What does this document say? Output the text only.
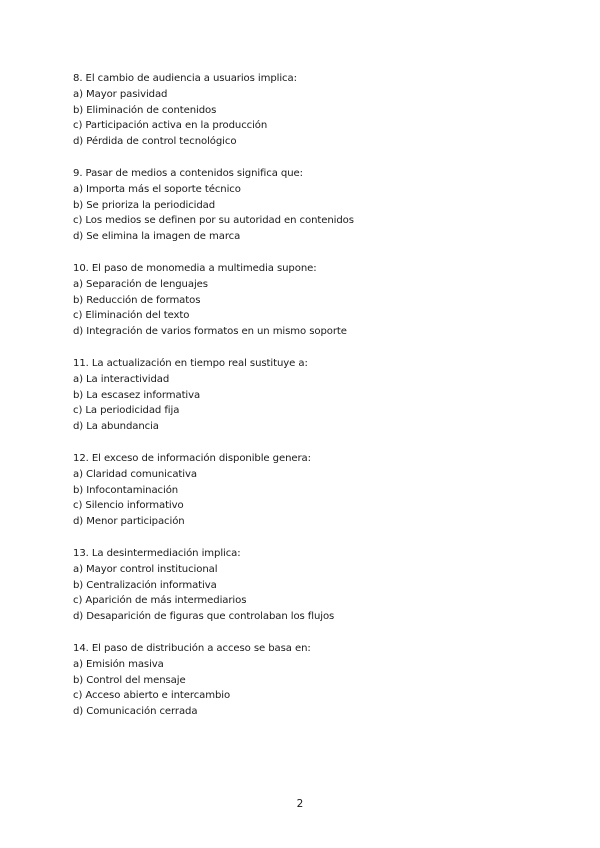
8. El cambio de audiencia a usuarios implica:
a) Mayor pasividad
b) Eliminación de contenidos
c) Participación activa en la producción
d) Pérdida de control tecnológico
9. Pasar de medios a contenidos significa que:
a) Importa más el soporte técnico
b) Se prioriza la periodicidad
c) Los medios se definen por su autoridad en contenidos
d) Se elimina la imagen de marca
10. El paso de monomedia a multimedia supone:
a) Separación de lenguajes
b) Reducción de formatos
c) Eliminación del texto
d) Integración de varios formatos en un mismo soporte
11. La actualización en tiempo real sustituye a:
a) La interactividad
b) La escasez informativa
c) La periodicidad fija
d) La abundancia
12. El exceso de información disponible genera:
a) Claridad comunicativa
b) Infocontaminación
c) Silencio informativo
d) Menor participación
13. La desintermediación implica:
a) Mayor control institucional
b) Centralización informativa
c) Aparición de más intermediarios
d) Desaparición de figuras que controlaban los flujos
14. El paso de distribución a acceso se basa en:
a) Emisión masiva
b) Control del mensaje
c) Acceso abierto e intercambio
d) Comunicación cerrada
2
